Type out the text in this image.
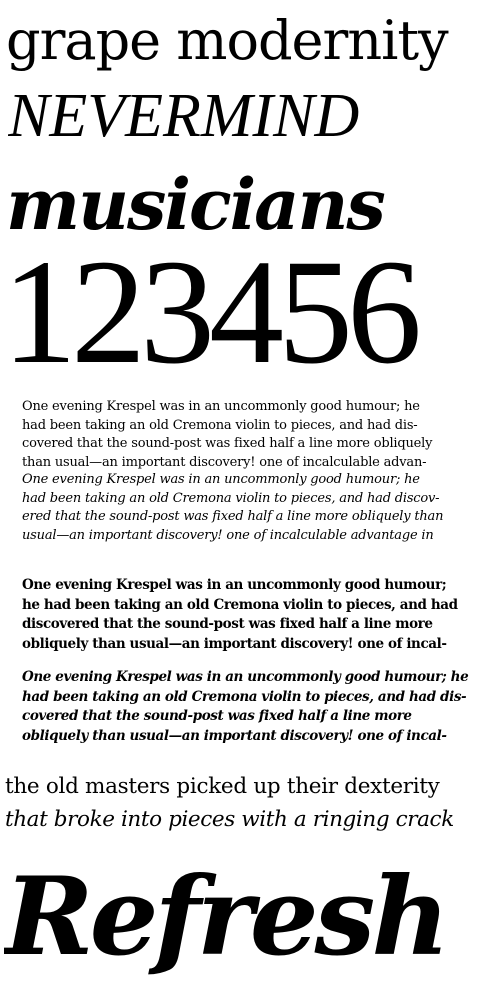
grape modernity
NEVERMIND
musicians
123456
One evening Krespel was in an uncommonly good humour; he
had been taking an old Cremona violin to pieces, and had dis-
covered that the sound-post was fixed half a line more obliquely
than usual—an important discovery! one of incalculable advan-
One evening Krespel was in an uncommonly good humour; he
had been taking an old Cremona violin to pieces, and had discov-
ered that the sound-post was fixed half a line more obliquely than
usual—an important discovery! one of incalculable advantage in
One evening Krespel was in an uncommonly good humour;
he had been taking an old Cremona violin to pieces, and had
discovered that the sound-post was fixed half a line more
obliquely than usual—an important discovery! one of incal-
One evening Krespel was in an uncommonly good humour; he
had been taking an old Cremona violin to pieces, and had dis-
covered that the sound-post was fixed half a line more
obliquely than usual—an important discovery! one of incal-
the old masters picked up their dexterity
that broke into pieces with a ringing crack
Refresh
